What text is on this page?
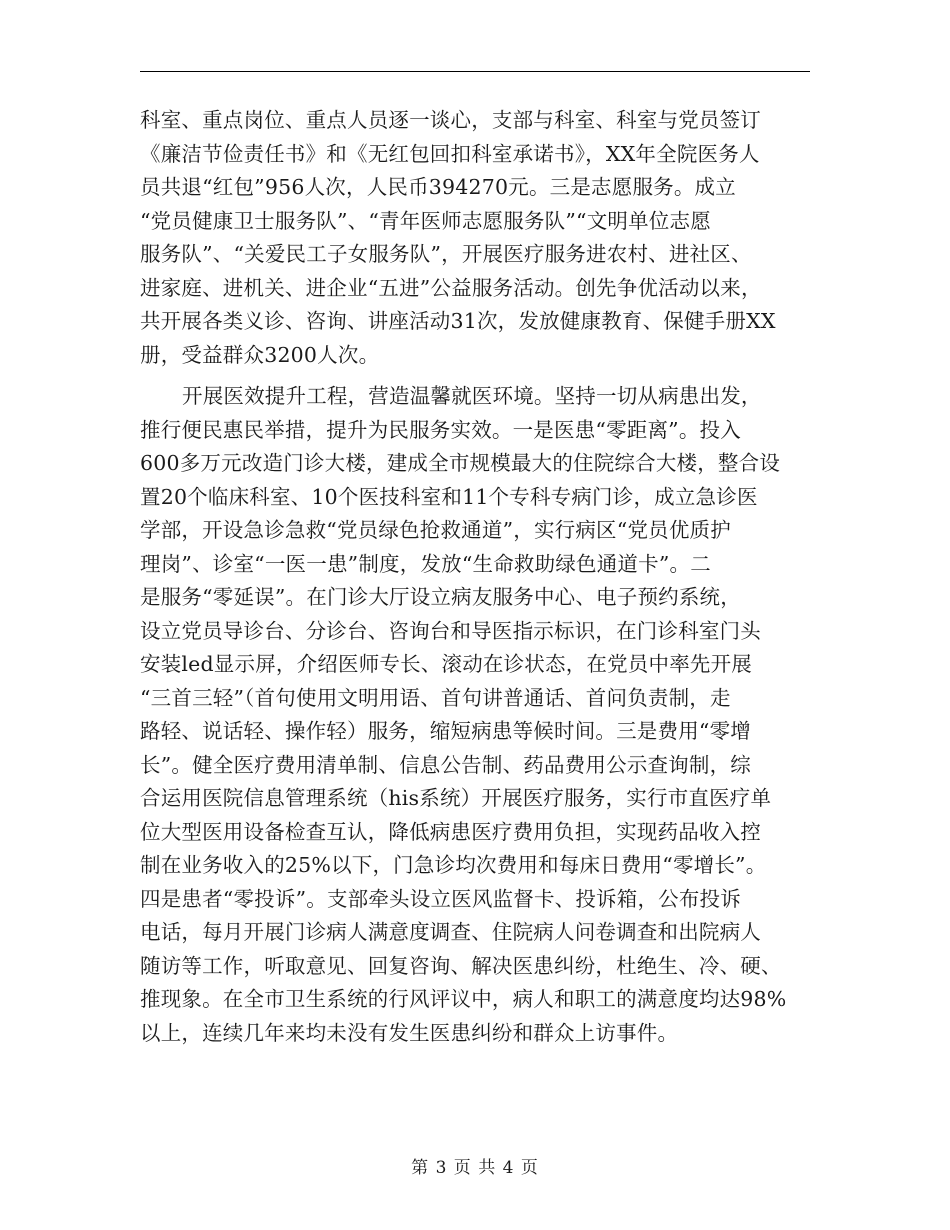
科室、重点岗位、重点人员逐一谈心，支部与科室、科室与党员签订
《廉洁节俭责任书》和《无红包回扣科室承诺书》，XX年全院医务人
员共退“红包”956人次，人民币394270元。三是志愿服务。成立
“党员健康卫士服务队”、“青年医师志愿服务队”“文明单位志愿
服务队”、“关爱民工子女服务队”，开展医疗服务进农村、进社区、
进家庭、进机关、进企业“五进”公益服务活动。创先争优活动以来，
共开展各类义诊、咨询、讲座活动31次，发放健康教育、保健手册XX
册，受益群众3200人次。
开展医效提升工程，营造温馨就医环境。坚持一切从病患出发，
推行便民惠民举措，提升为民服务实效。一是医患“零距离”。投入
600多万元改造门诊大楼，建成全市规模最大的住院综合大楼，整合设
置20个临床科室、10个医技科室和11个专科专病门诊，成立急诊医
学部，开设急诊急救“党员绿色抢救通道”，实行病区“党员优质护
理岗”、诊室“一医一患”制度，发放“生命救助绿色通道卡”。二
是服务“零延误”。在门诊大厅设立病友服务中心、电子预约系统，
设立党员导诊台、分诊台、咨询台和导医指示标识，在门诊科室门头
安装led显示屏，介绍医师专长、滚动在诊状态，在党员中率先开展
“三首三轻”（首句使用文明用语、首句讲普通话、首问负责制，走
路轻、说话轻、操作轻）服务，缩短病患等候时间。三是费用“零增
长”。健全医疗费用清单制、信息公告制、药品费用公示查询制，综
合运用医院信息管理系统（his系统）开展医疗服务，实行市直医疗单
位大型医用设备检查互认，降低病患医疗费用负担，实现药品收入控
制在业务收入的25%以下，门急诊均次费用和每床日费用“零增长”。
四是患者“零投诉”。支部牵头设立医风监督卡、投诉箱，公布投诉
电话，每月开展门诊病人满意度调查、住院病人问卷调查和出院病人
随访等工作，听取意见、回复咨询、解决医患纠纷，杜绝生、冷、硬、
推现象。在全市卫生系统的行风评议中，病人和职工的满意度均达98%
以上，连续几年来均未没有发生医患纠纷和群众上访事件。
第 3 页 共 4 页
